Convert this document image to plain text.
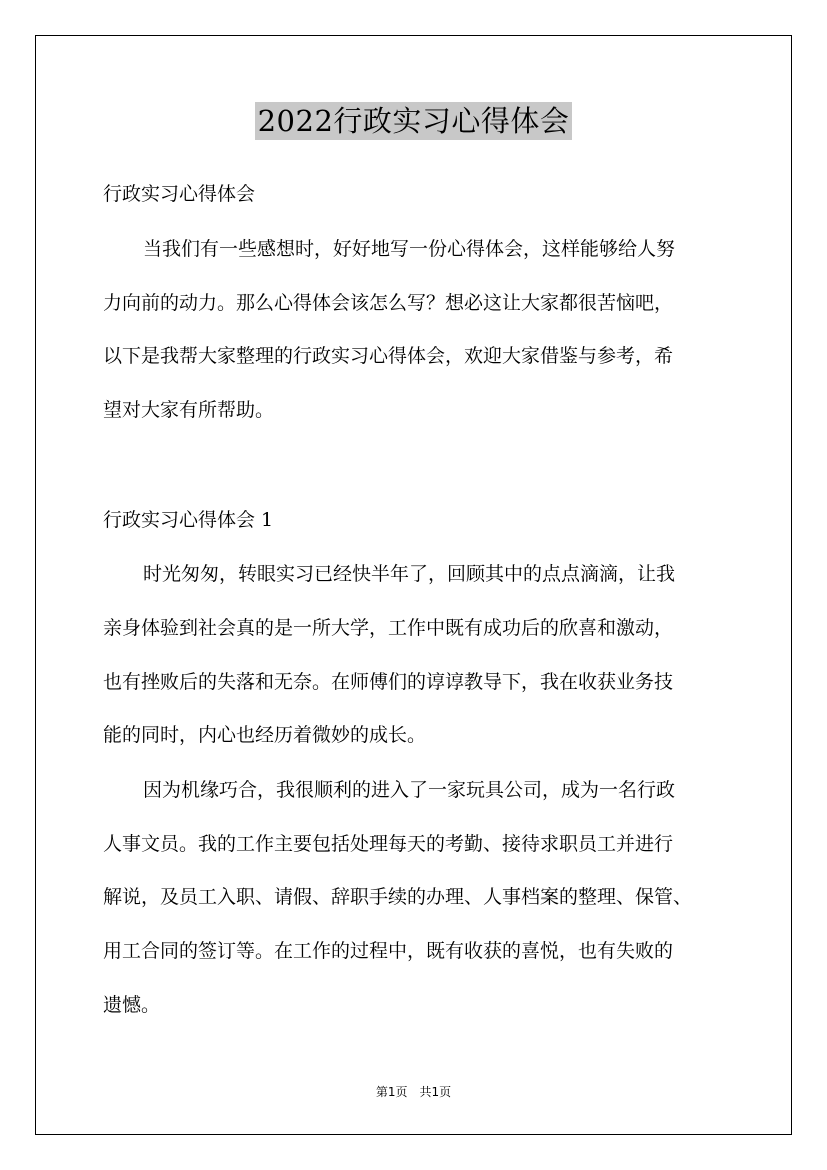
2022行政实习心得体会
行政实习心得体会
当我们有一些感想时，好好地写一份心得体会，这样能够给人努
力向前的动力。那么心得体会该怎么写？想必这让大家都很苦恼吧，
以下是我帮大家整理的行政实习心得体会，欢迎大家借鉴与参考，希
望对大家有所帮助。
行政实习心得体会 1
时光匆匆，转眼实习已经快半年了，回顾其中的点点滴滴，让我
亲身体验到社会真的是一所大学，工作中既有成功后的欣喜和激动，
也有挫败后的失落和无奈。在师傅们的谆谆教导下，我在收获业务技
能的同时，内心也经历着微妙的成长。
因为机缘巧合，我很顺利的进入了一家玩具公司，成为一名行政
人事文员。我的工作主要包括处理每天的考勤、接待求职员工并进行
解说，及员工入职、请假、辞职手续的办理、人事档案的整理、保管、
用工合同的签订等。在工作的过程中，既有收获的喜悦，也有失败的
遗憾。
第1页　共1页
